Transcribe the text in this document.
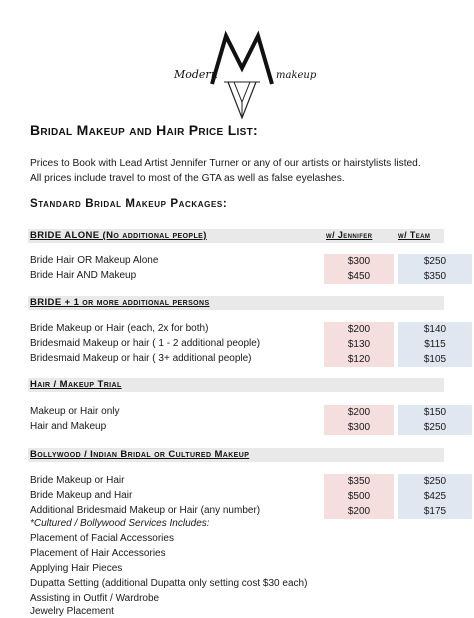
Modern	makeup
Bridal Makeup and Hair Price List:
Prices to Book with Lead Artist Jennifer Turner or any of our artists or hairstylists listed.
All prices include travel to most of the GTA as well as false eyelashes.
Standard Bridal Makeup Packages:
BRIDE ALONE (No additional people)	w/ Jennifer	w/ Team
Bride Hair OR Makeup Alone	$300	$250
Bride Hair AND Makeup	$450	$350
BRIDE + 1 or more additional persons
Bride Makeup or Hair (each, 2x for both)	$200	$140
Bridesmaid Makeup or hair ( 1 - 2 additional people)	$130	$115
Bridesmaid Makeup or hair ( 3+ additional people)	$120	$105
Hair / Makeup Trial
Makeup or Hair only	$200	$150
Hair and Makeup	$300	$250
Bollywood / Indian Bridal or Cultured Makeup
Bride Makeup or Hair	$350	$250
Bride Makeup and Hair	$500	$425
Additional Bridesmaid Makeup or Hair (any number)	$200	$175
*Cultured / Bollywood Services Includes:
Placement of Facial Accessories
Placement of Hair Accessories
Applying Hair Pieces
Dupatta Setting (additional Dupatta only setting cost $30 each)
Assisting in Outfit / Wardrobe
Jewelry Placement
